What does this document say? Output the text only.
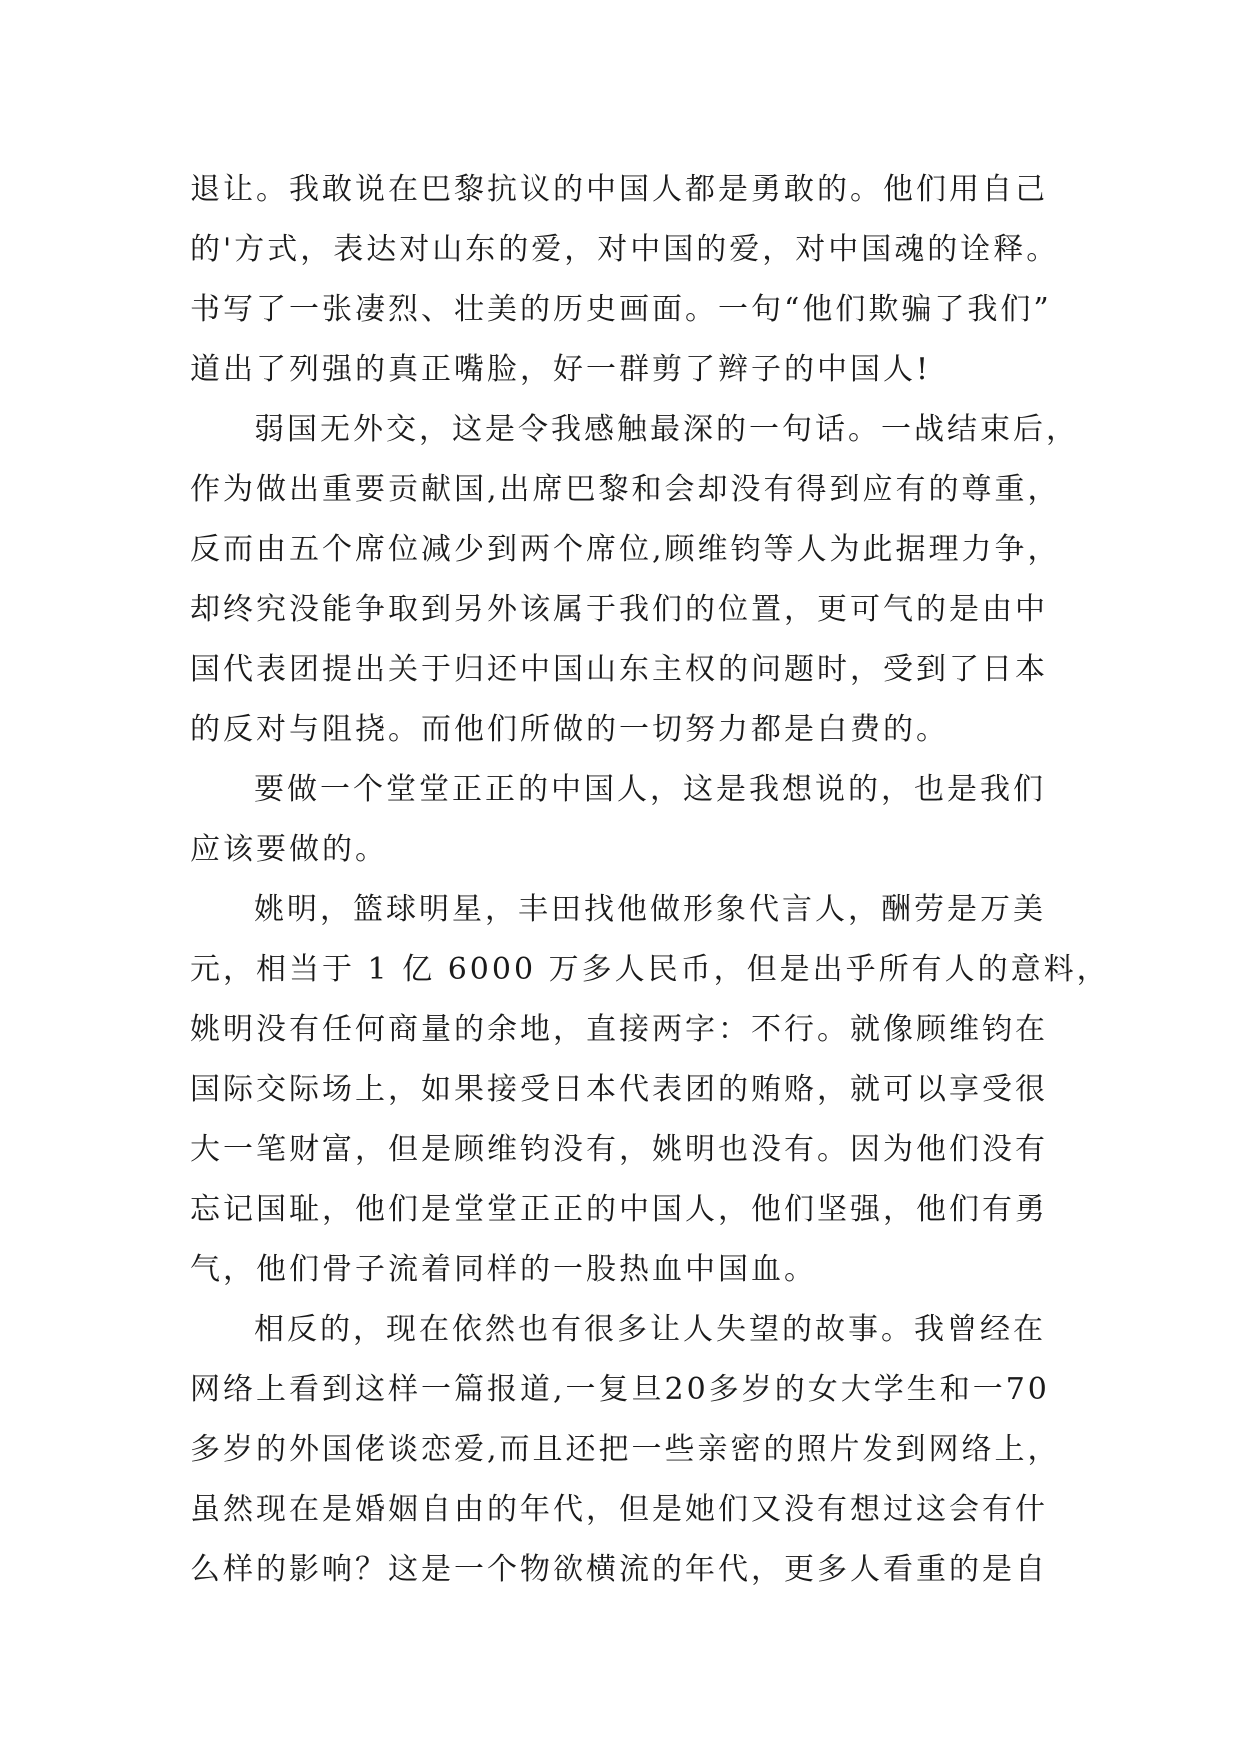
退让。我敢说在巴黎抗议的中国人都是勇敢的。他们用自己
的'方式，表达对山东的爱，对中国的爱，对中国魂的诠释。
书写了一张凄烈、壮美的历史画面。一句“他们欺骗了我们”
道出了列强的真正嘴脸，好一群剪了辫子的中国人!
弱国无外交，这是令我感触最深的一句话。一战结束后，
作为做出重要贡献国,出席巴黎和会却没有得到应有的尊重，
反而由五个席位减少到两个席位,顾维钧等人为此据理力争，
却终究没能争取到另外该属于我们的位置，更可气的是由中
国代表团提出关于归还中国山东主权的问题时，受到了日本
的反对与阻挠。而他们所做的一切努力都是白费的。
要做一个堂堂正正的中国人，这是我想说的，也是我们
应该要做的。
姚明，篮球明星，丰田找他做形象代言人，酬劳是万美
元，相当于 1 亿 6000 万多人民币，但是出乎所有人的意料，
姚明没有任何商量的余地，直接两字：不行。就像顾维钧在
国际交际场上，如果接受日本代表团的贿赂，就可以享受很
大一笔财富，但是顾维钧没有，姚明也没有。因为他们没有
忘记国耻，他们是堂堂正正的中国人，他们坚强，他们有勇
气，他们骨子流着同样的一股热血中国血。
相反的，现在依然也有很多让人失望的故事。我曾经在
网络上看到这样一篇报道,一复旦20多岁的女大学生和一70
多岁的外国佬谈恋爱,而且还把一些亲密的照片发到网络上，
虽然现在是婚姻自由的年代，但是她们又没有想过这会有什
么样的影响？这是一个物欲横流的年代，更多人看重的是自
